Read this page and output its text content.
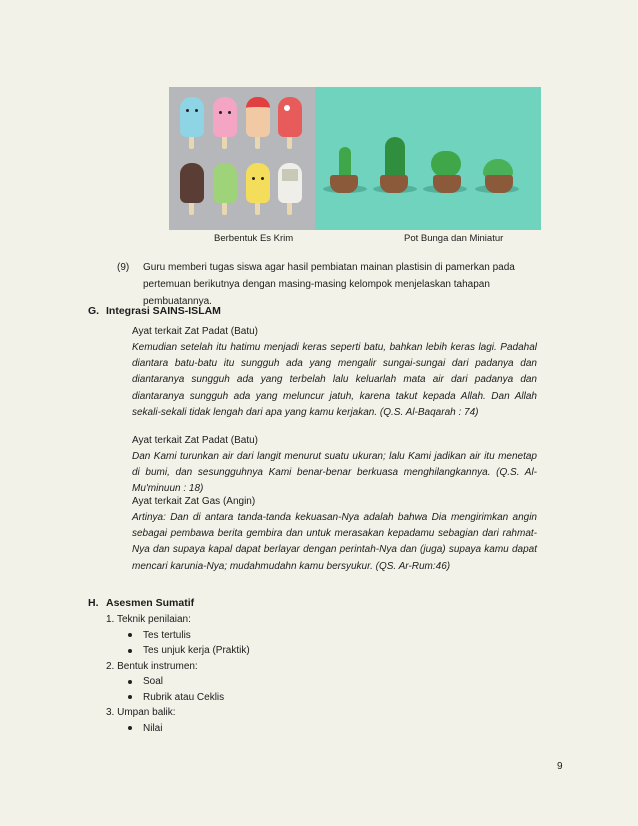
Berbentuk Es Krim	Pot Bunga dan Miniatur
(9) Guru memberi tugas siswa agar hasil pembiatan mainan plastisin di pamerkan pada pertemuan berikutnya dengan masing-masing kelompok menjelaskan tahapan pembuatannya.
G. Integrasi SAINS-ISLAM
Ayat terkait Zat Padat (Batu)
Kemudian setelah itu hatimu menjadi keras seperti batu, bahkan lebih keras lagi. Padahal diantara batu-batu itu sungguh ada yang mengalir sungai-sungai dari padanya dan diantaranya sungguh ada yang terbelah lalu keluarlah mata air dari padanya dan diantaranya sungguh ada yang meluncur jatuh, karena takut kepada Allah. Dan Allah sekali-sekali tidak lengah dari apa yang kamu kerjakan. (Q.S. Al-Baqarah : 74)
Ayat terkait Zat Padat (Batu)
Dan Kami turunkan air dari langit menurut suatu ukuran; lalu Kami jadikan air itu menetap di bumi, dan sesungguhnya Kami benar-benar berkuasa menghilangkannya. (Q.S. Al-Mu'minuun : 18)
Ayat terkait Zat Gas (Angin)
Artinya: Dan di antara tanda-tanda kekuasan-Nya adalah bahwa Dia mengirimkan angin sebagai pembawa berita gembira dan untuk merasakan kepadamu sebagian dari rahmat-Nya dan supaya kapal dapat berlayar dengan perintah-Nya dan (juga) supaya kamu dapat mencari karunia-Nya; mudahmudahn kamu bersyukur. (QS. Ar-Rum:46)
H. Asesmen Sumatif
1. Teknik penilaian:
Tes tertulis
Tes unjuk kerja (Praktik)
2. Bentuk instrumen:
Soal
Rubrik atau Ceklis
3. Umpan balik:
Nilai
9
